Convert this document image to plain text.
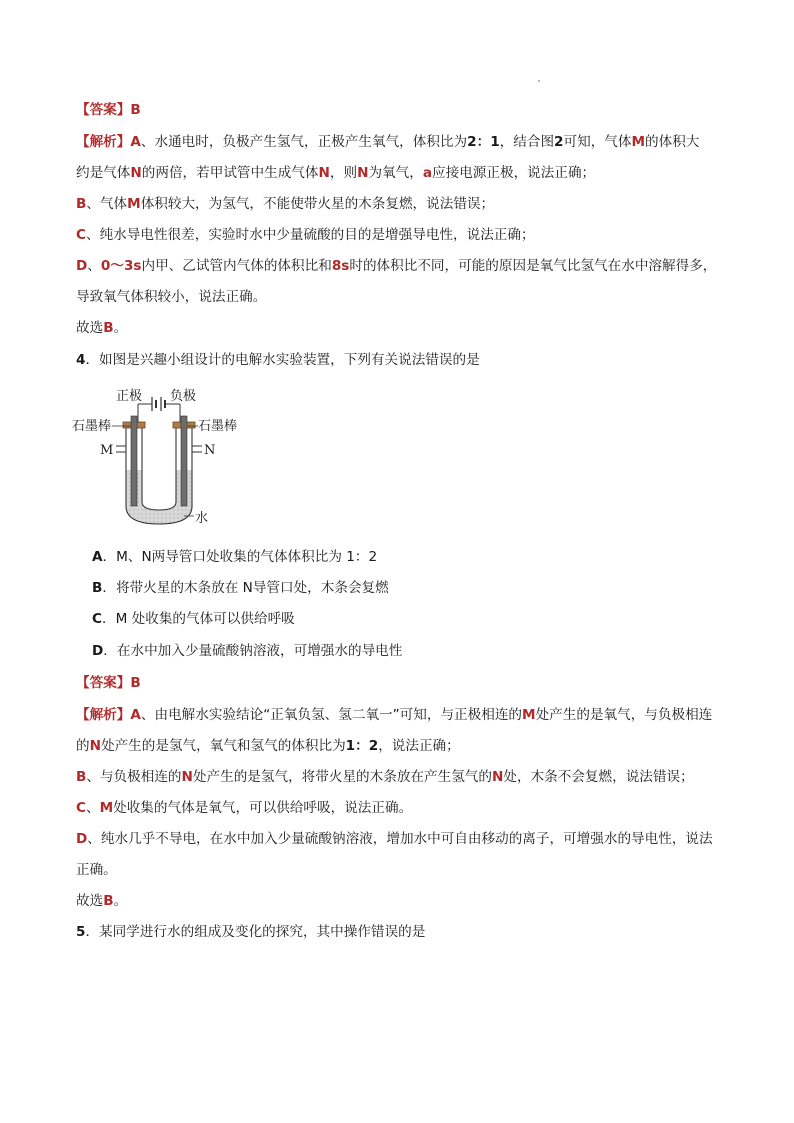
【答案】B
【解析】A、水通电时，负极产生氢气，正极产生氧气，体积比为2：1，结合图2可知，气体M的体积大
约是气体N的两倍，若甲试管中生成气体N，则N为氧气，a应接电源正极，说法正确；
B、气体M体积较大，为氢气，不能使带火星的木条复燃，说法错误；
C、纯水导电性很差，实验时水中少量硫酸的目的是增强导电性，说法正确；
D、0～3s内甲、乙试管内气体的体积比和8s时的体积比不同，可能的原因是氧气比氢气在水中溶解得多，
导致氧气体积较小，说法正确。
故选B。
4．如图是兴趣小组设计的电解水实验装置，下列有关说法错误的是
正极 负极
石墨棒	石墨棒
M	N
水
A．M、N两导管口处收集的气体体积比为 1：2
B．将带火星的木条放在 N导管口处，木条会复燃
C．M 处收集的气体可以供给呼吸
D．在水中加入少量硫酸钠溶液，可增强水的导电性
【答案】B
【解析】A、由电解水实验结论“正氧负氢、氢二氧一”可知，与正极相连的M处产生的是氧气，与负极相连
的N处产生的是氢气，氧气和氢气的体积比为1：2，说法正确；
B、与负极相连的N处产生的是氢气，将带火星的木条放在产生氢气的N处，木条不会复燃，说法错误；
C、M处收集的气体是氧气，可以供给呼吸，说法正确。
D、纯水几乎不导电，在水中加入少量硫酸钠溶液，增加水中可自由移动的离子，可增强水的导电性，说法
正确。
故选B。
5．某同学进行水的组成及变化的探究，其中操作错误的是
